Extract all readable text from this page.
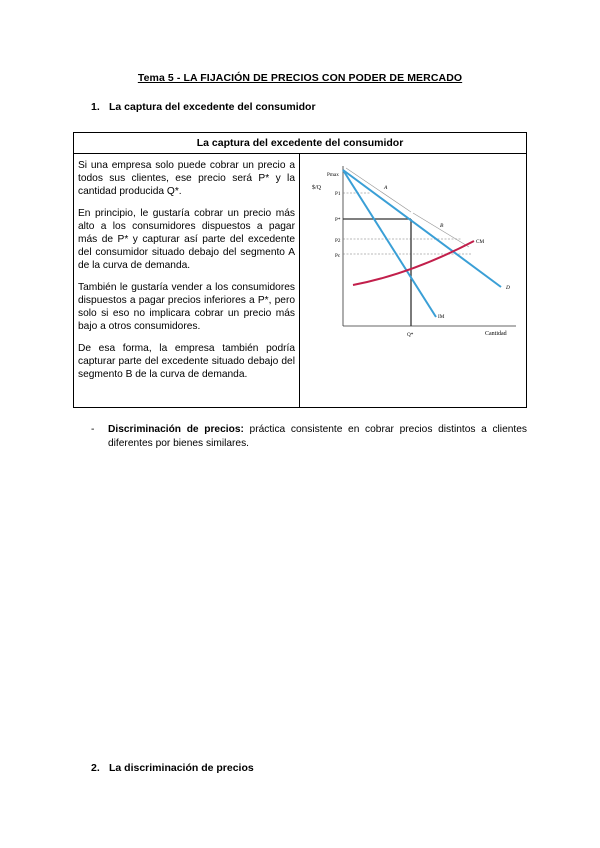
Tema 5 - LA FIJACIÓN DE PRECIOS CON PODER DE MERCADO
1. La captura del excedente del consumidor
La captura del excedente del consumidor

Si una empresa solo puede cobrar un precio a todos sus clientes, ese precio será P* y la cantidad producida Q*.

En principio, le gustaría cobrar un precio más alto a los consumidores dispuestos a pagar más de P* y capturar así parte del excedente del consumidor situado debajo del segmento A de la curva de demanda.

También le gustaría vender a los consumidores dispuestos a pagar precios inferiores a P*, pero solo si eso no implicara cobrar un precio más bajo a otros consumidores.

De esa forma, la empresa también podría capturar parte del excedente situado debajo del segmento B de la curva de demanda.

$/Q
Cantidad
Pmax
P1
P*
P2
Pc
Q*
A
B
D
IM
CM
- Discriminación de precios: práctica consistente en cobrar precios distintos a clientes diferentes por bienes similares.
2. La discriminación de precios
